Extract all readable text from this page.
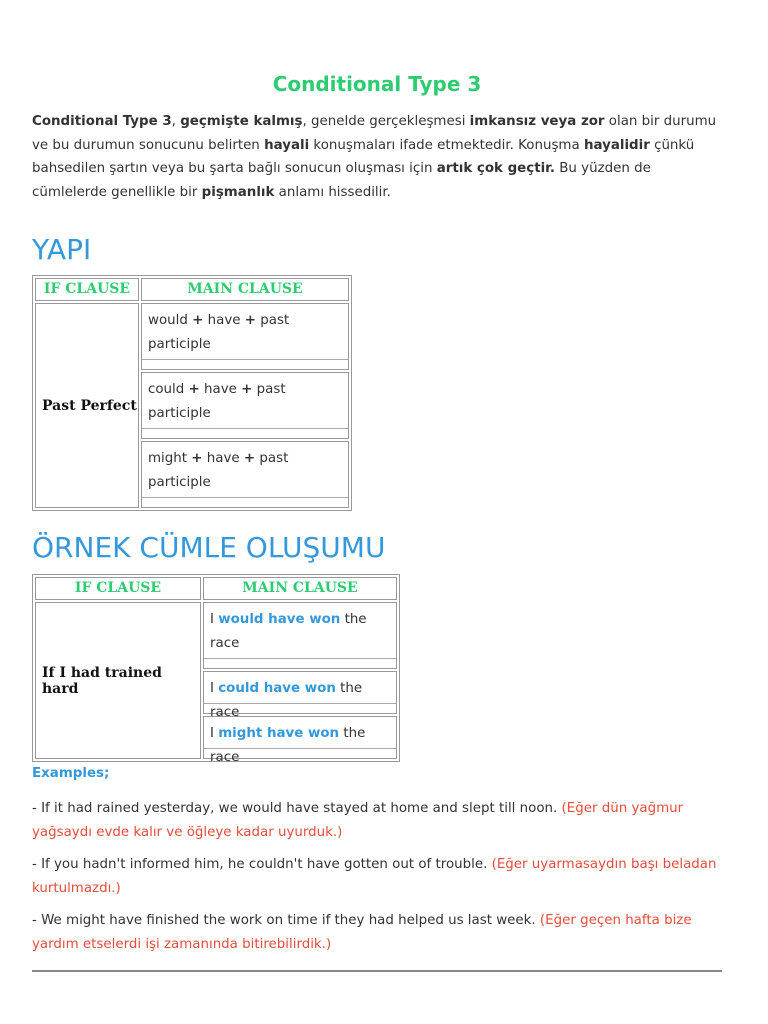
Conditional Type 3

Conditional Type 3, geçmişte kalmış, genelde gerçekleşmesi imkansız veya zor olan bir durumu ve bu durumun sonucunu belirten hayali konuşmaları ifade etmektedir. Konuşma hayalidir çünkü bahsedilen şartın veya bu şarta bağlı sonucun oluşması için artık çok geçtir. Bu yüzden de cümlelerde genellikle bir pişmanlık anlamı hissedilir.

YAPI
IF CLAUSE	MAIN CLAUSE
Past Perfect	would + have + past participle

	could + have + past participle

	might + have + past participle
ÖRNEK CÜMLE OLUŞUMU
IF CLAUSE	MAIN CLAUSE
If I had trained hard	I would have won the race

	I could have won the race

	I might have won the race

Examples;

- If it had rained yesterday, we would have stayed at home and slept till noon. (Eğer dün yağmur yağsaydı evde kalır ve öğleye kadar uyurduk.)

- If you hadn't informed him, he couldn't have gotten out of trouble. (Eğer uyarmasaydın başı beladan kurtulmazdı.)

- We might have finished the work on time if they had helped us last week. (Eğer geçen hafta bize yardım etselerdi işi zamanında bitirebilirdik.)
